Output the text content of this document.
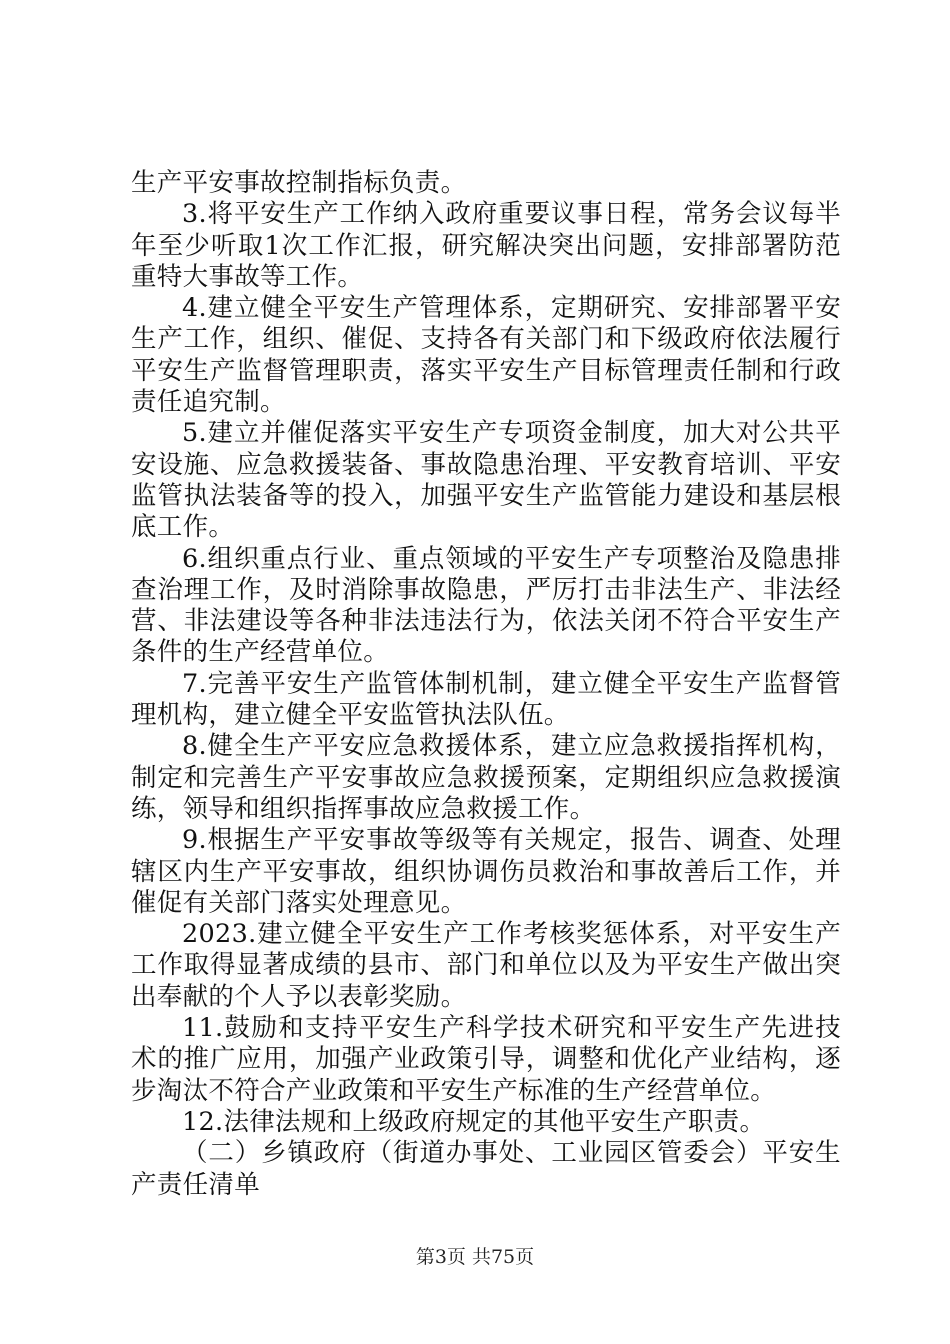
生产平安事故控制指标负责。

3.将平安生产工作纳入政府重要议事日程，常务会议每半年至少听取1次工作汇报，研究解决突出问题，安排部署防范重特大事故等工作。

4.建立健全平安生产管理体系，定期研究、安排部署平安生产工作，组织、催促、支持各有关部门和下级政府依法履行平安生产监督管理职责，落实平安生产目标管理责任制和行政责任追究制。

5.建立并催促落实平安生产专项资金制度，加大对公共平安设施、应急救援装备、事故隐患治理、平安教育培训、平安监管执法装备等的投入，加强平安生产监管能力建设和基层根底工作。

6.组织重点行业、重点领域的平安生产专项整治及隐患排查治理工作，及时消除事故隐患，严厉打击非法生产、非法经营、非法建设等各种非法违法行为，依法关闭不符合平安生产条件的生产经营单位。

7.完善平安生产监管体制机制，建立健全平安生产监督管理机构，建立健全平安监管执法队伍。

8.健全生产平安应急救援体系，建立应急救援指挥机构，制定和完善生产平安事故应急救援预案，定期组织应急救援演练，领导和组织指挥事故应急救援工作。

9.根据生产平安事故等级等有关规定，报告、调查、处理辖区内生产平安事故，组织协调伤员救治和事故善后工作，并催促有关部门落实处理意见。

2023.建立健全平安生产工作考核奖惩体系，对平安生产工作取得显著成绩的县市、部门和单位以及为平安生产做出突出奉献的个人予以表彰奖励。

11.鼓励和支持平安生产科学技术研究和平安生产先进技术的推广应用，加强产业政策引导，调整和优化产业结构，逐步淘汰不符合产业政策和平安生产标准的生产经营单位。

12.法律法规和上级政府规定的其他平安生产职责。

（二）乡镇政府（街道办事处、工业园区管委会）平安生产责任清单

第3页 共75页
